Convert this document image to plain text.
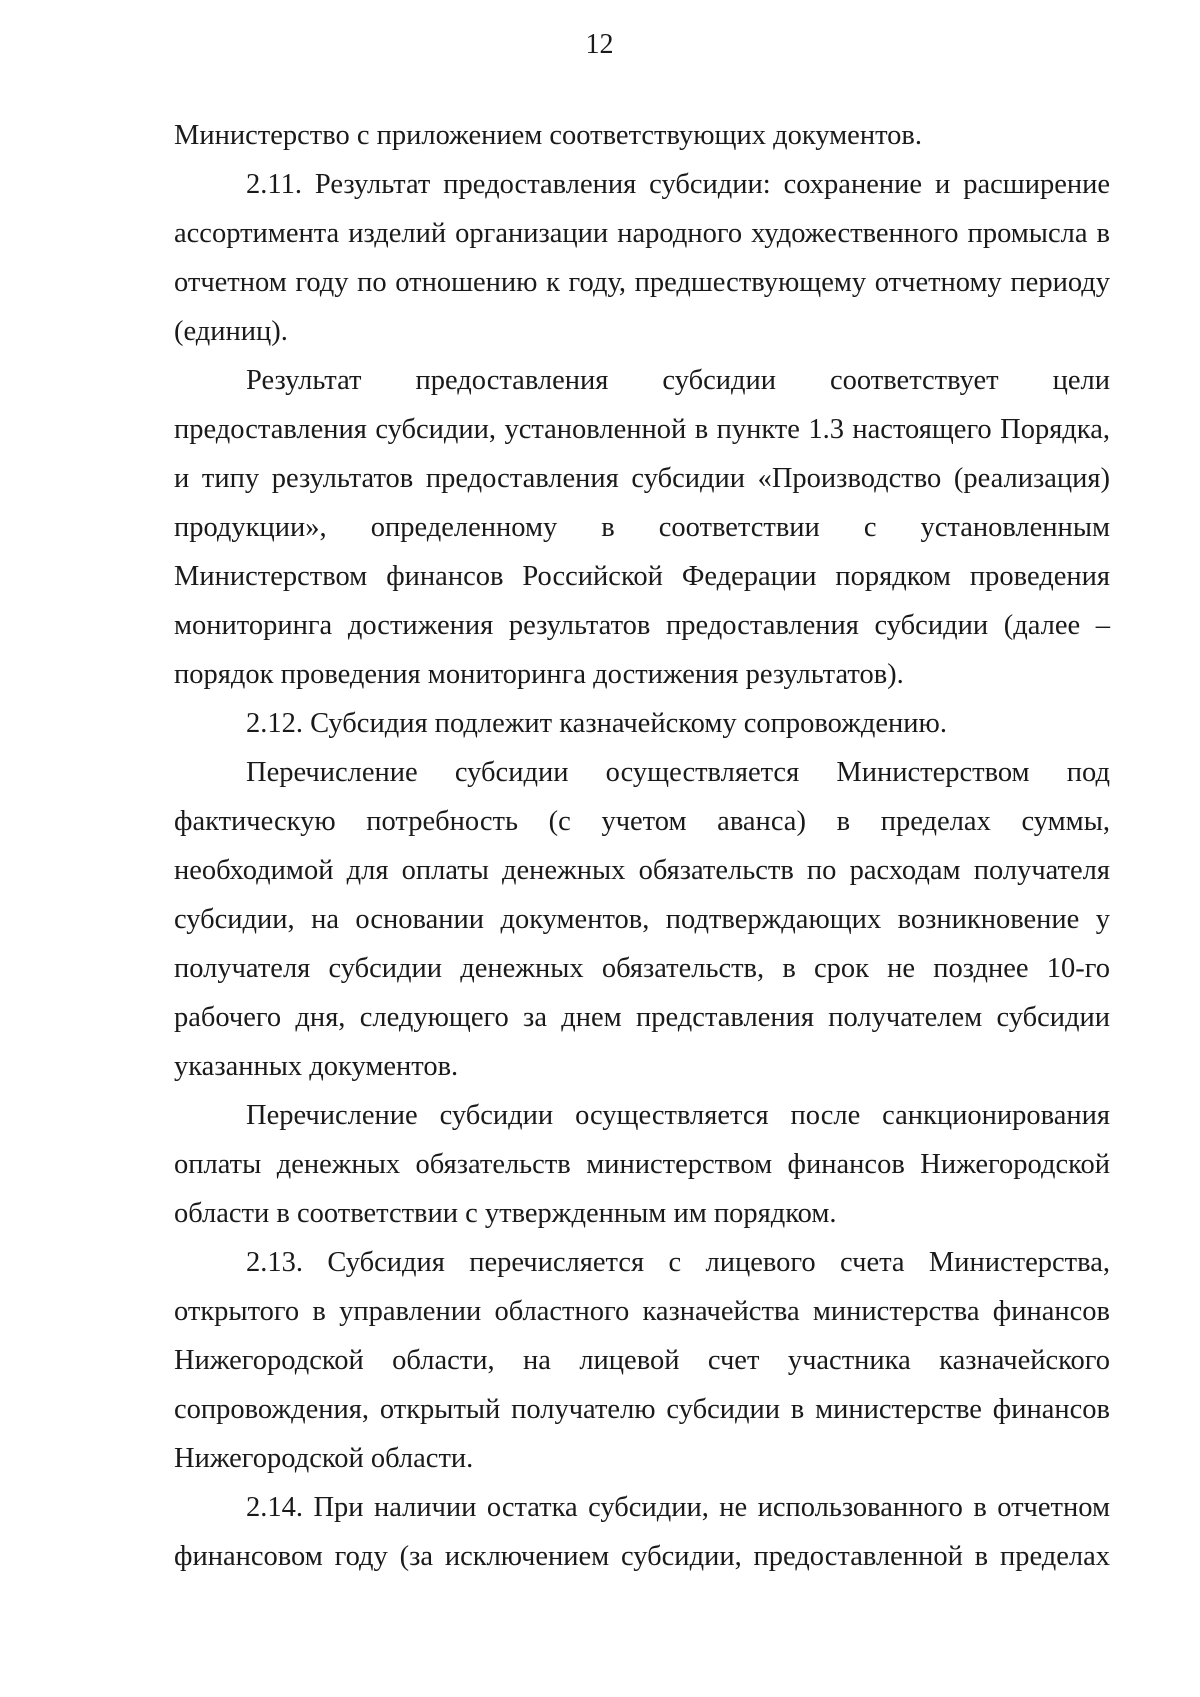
12

Министерство с приложением соответствующих документов.

2.11. Результат предоставления субсидии: сохранение и расширение ассортимента изделий организации народного художественного промысла в отчетном году по отношению к году, предшествующему отчетному периоду (единиц).

Результат предоставления субсидии соответствует цели предоставления субсидии, установленной в пункте 1.3 настоящего Порядка, и типу результатов предоставления субсидии «Производство (реализация) продукции», определенному в соответствии с установленным Министерством финансов Российской Федерации порядком проведения мониторинга достижения результатов предоставления субсидии (далее – порядок проведения мониторинга достижения результатов).

2.12. Субсидия подлежит казначейскому сопровождению.

Перечисление субсидии осуществляется Министерством под фактическую потребность (с учетом аванса) в пределах суммы, необходимой для оплаты денежных обязательств по расходам получателя субсидии, на основании документов, подтверждающих возникновение у получателя субсидии денежных обязательств, в срок не позднее 10-го рабочего дня, следующего за днем представления получателем субсидии указанных документов.

Перечисление субсидии осуществляется после санкционирования оплаты денежных обязательств министерством финансов Нижегородской области в соответствии с утвержденным им порядком.

2.13. Субсидия перечисляется с лицевого счета Министерства, открытого в управлении областного казначейства министерства финансов Нижегородской области, на лицевой счет участника казначейского сопровождения, открытый получателю субсидии в министерстве финансов Нижегородской области.

2.14. При наличии остатка субсидии, не использованного в отчетном финансовом году (за исключением субсидии, предоставленной в пределах
